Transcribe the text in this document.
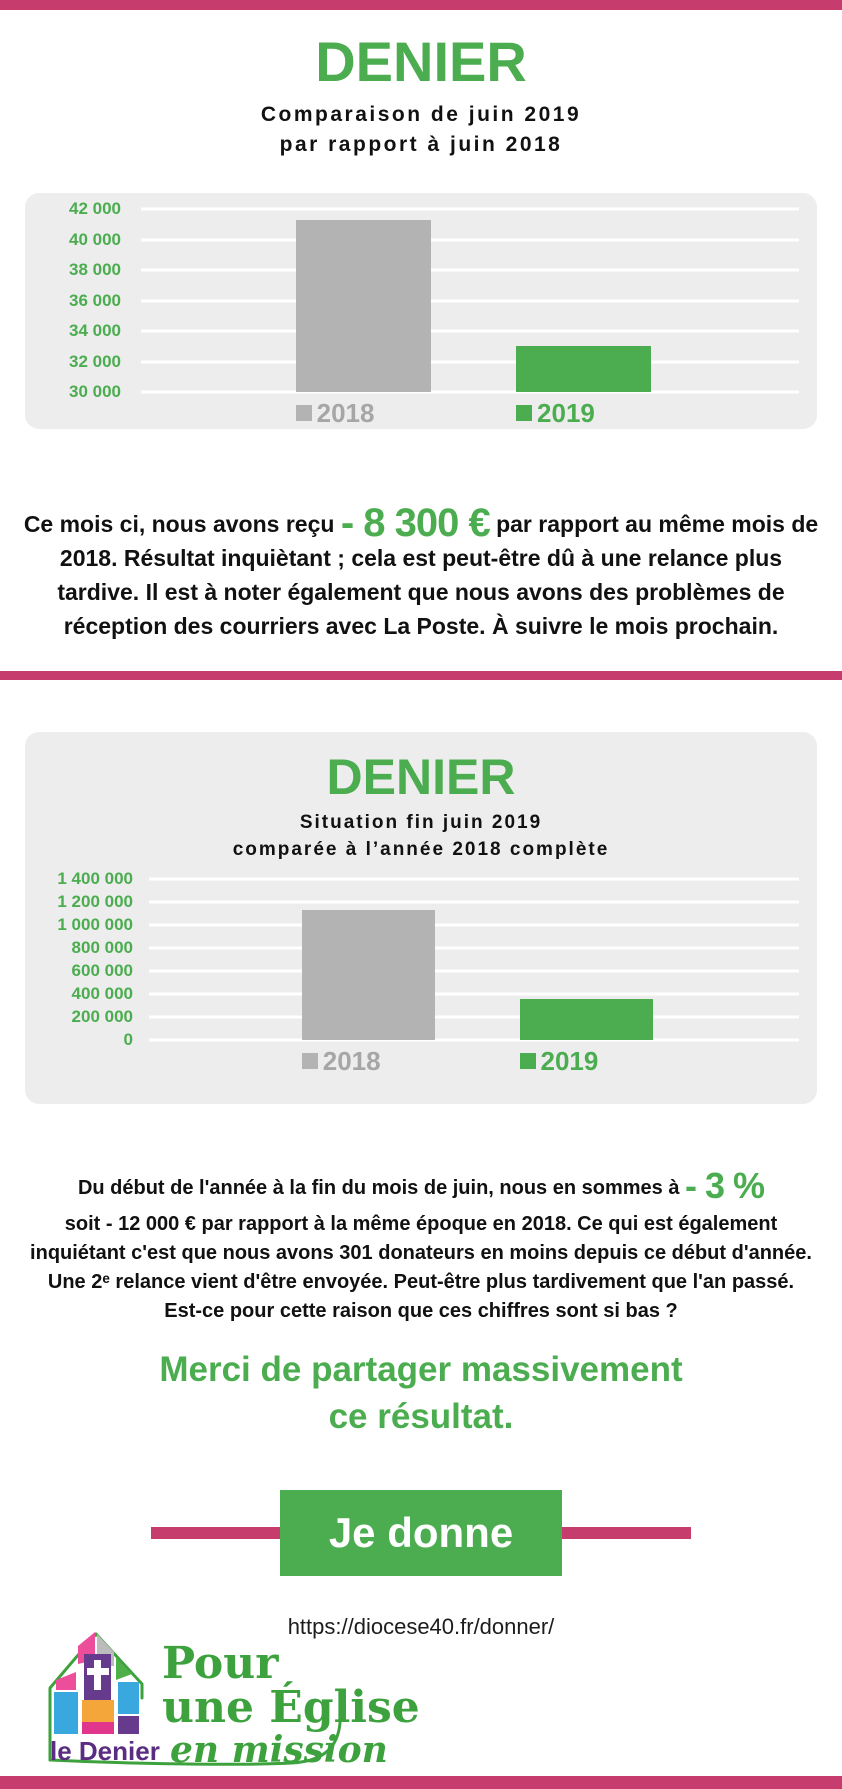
DENIER
Comparaison de juin 2019
par rapport à juin 2018
42 000
40 000
38 000
36 000
34 000
32 000
30 000
2018	2019
Ce mois ci, nous avons reçu - 8 300 € par rapport au même mois de 2018. Résultat inquiètant ; cela est peut-être dû à une relance plus tardive. Il est à noter également que nous avons des problèmes de réception des courriers avec La Poste. À suivre le mois prochain.
DENIER
Situation fin juin 2019
comparée à l’année 2018 complète
1 400 000
1 200 000
1 000 000
800 000
600 000
400 000
200 000
0
2018	2019
Du début de l'année à la fin du mois de juin, nous en sommes à - 3 %
soit - 12 000 € par rapport à la même époque en 2018. Ce qui est également inquiétant c'est que nous avons 301 donateurs en moins depuis ce début d'année. Une 2ᵉ relance vient d'être envoyée. Peut-être plus tardivement que l'an passé.
Est-ce pour cette raison que ces chiffres sont si bas ?
Merci de partager massivement
ce résultat.
Je donne
https://diocese40.fr/donner/
le Denier
Pour
une Église
en mission
